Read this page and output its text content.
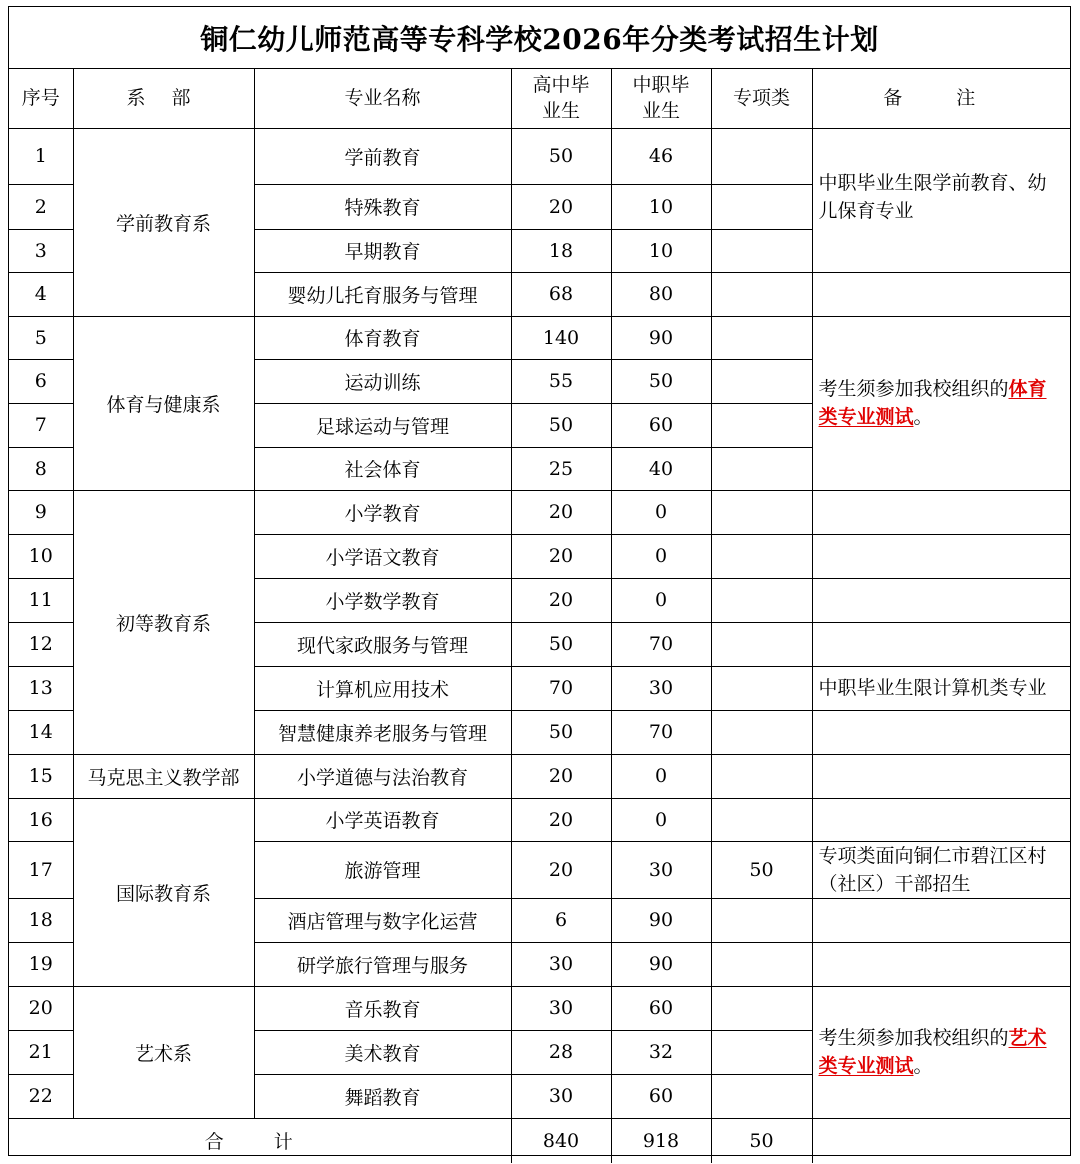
铜仁幼儿师范高等专科学校2026年分类考试招生计划
序号	系 部	专业名称	高中毕业生	中职毕业生	专项类	备 注
1	学前教育系	学前教育	50	46		中职毕业生限学前教育、幼儿保育专业
2		特殊教育	20	10		
3		早期教育	18	10		
4		婴幼儿托育服务与管理	68	80		
5	体育与健康系	体育教育	140	90		考生须参加我校组织的体育类专业测试。
6		运动训练	55	50		
7		足球运动与管理	50	60		
8		社会体育	25	40		
9	初等教育系	小学教育	20	0		
10		小学语文教育	20	0		
11		小学数学教育	20	0		
12		现代家政服务与管理	50	70		
13		计算机应用技术	70	30		中职毕业生限计算机类专业
14		智慧健康养老服务与管理	50	70		
15	马克思主义教学部	小学道德与法治教育	20	0		
16	国际教育系	小学英语教育	20	0		
17		旅游管理	20	30	50	专项类面向铜仁市碧江区村（社区）干部招生
18		酒店管理与数字化运营	6	90		
19		研学旅行管理与服务	30	90		
20	艺术系	音乐教育	30	60		考生须参加我校组织的艺术类专业测试。
21		美术教育	28	32		
22		舞蹈教育	30	60		
合 计			840	918	50	
